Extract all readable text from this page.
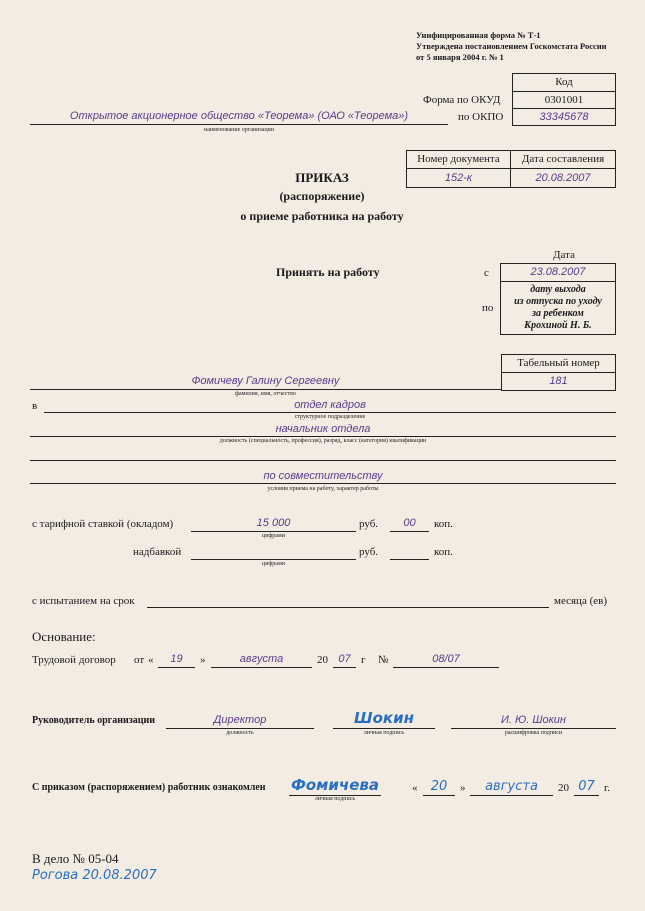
Унифицированная форма № Т-1
Утверждена постановлением Госкомстата России
от 5 января 2004 г. № 1
Код
Форма по ОКУД	0301001
по ОКПО	33345678
Открытое акционерное общество «Теорема» (ОАО «Теорема»)
наименование организации
Номер документа	Дата составления
152-к	20.08.2007
ПРИКАЗ
(распоряжение)
о приеме работника на работу
Дата
Принять на работу	с	23.08.2007
по
дату выхода
из отпуска по уходу
за ребенком
Крохиной Н. Б.
Табельный номер
181
Фомичеву Галину Сергеевну
фамилия, имя, отчество
в	отдел кадров
структурное подразделение
начальник отдела
должность (специальность, профессия), разряд, класс (категория) квалификации
по совместительству
условия приема на работу, характер работы
с тарифной ставкой (окладом)	15 000
цифрами
руб.	00	коп.
надбавкой
цифрами
руб.	коп.
с испытанием на срок	месяца (ев)
Основание:
Трудовой договор от «	19	»	августа	20 07 г №	08/07
Руководитель организации	Директор
должность
Шокин
личная подпись
И. Ю. Шокин
расшифровка подписи
С приказом (распоряжением) работник ознакомлен Фомичева
личная подпись
«	20	»	августа	20 07 г.
В дело № 05-04
Рогова 20.08.2007
